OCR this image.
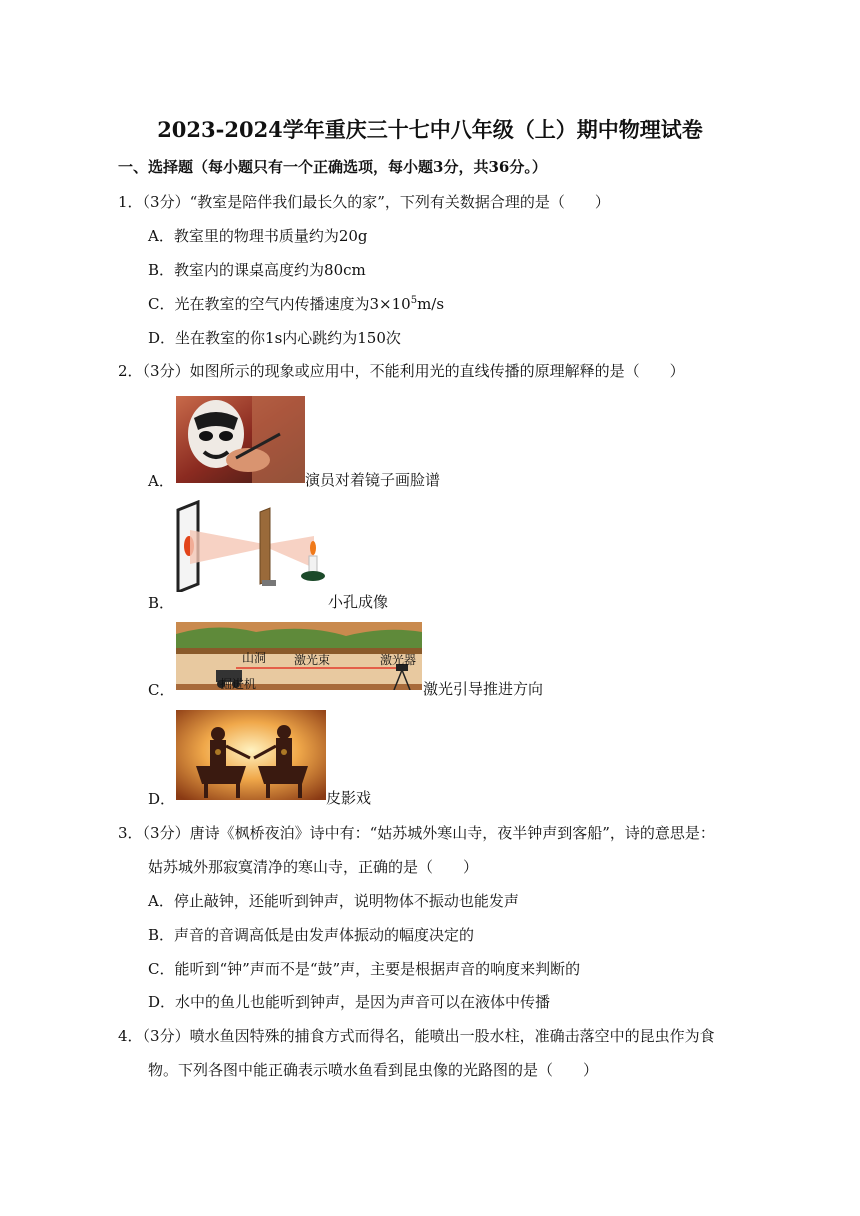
2023-2024学年重庆三十七中八年级（上）期中物理试卷
一、选择题（每小题只有一个正确选项，每小题3分，共36分。）
1．（3分）“教室是陪伴我们最长久的家”，下列有关数据合理的是（　　）
A．教室里的物理书质量约为20g
B．教室内的课桌高度约为80cm
C．光在教室的空气内传播速度为$3\times 10^5m/s$
D．坐在教室的你1s内心跳约为150次
2．（3分）如图所示的现象或应用中，不能利用光的直线传播的原理解释的是（　　）
A．	演员对着镜子画脸谱
B．	小孔成像
C．
山洞 激光束	激光器
掘进机	激光引导推进方向
D．	皮影戏
3．（3分）唐诗《枫桥夜泊》诗中有：“姑苏城外寒山寺，夜半钟声到客船”，诗的意思是：
姑苏城外那寂寞清净的寒山寺，正确的是（　　）
A．停止敲钟，还能听到钟声，说明物体不振动也能发声
B．声音的音调高低是由发声体振动的幅度决定的
C．能听到“钟”声而不是“鼓”声，主要是根据声音的响度来判断的
D．水中的鱼儿也能听到钟声，是因为声音可以在液体中传播
4．（3分）喷水鱼因特殊的捕食方式而得名，能喷出一股水柱，准确击落空中的昆虫作为食
物。下列各图中能正确表示喷水鱼看到昆虫像的光路图的是（　　）
